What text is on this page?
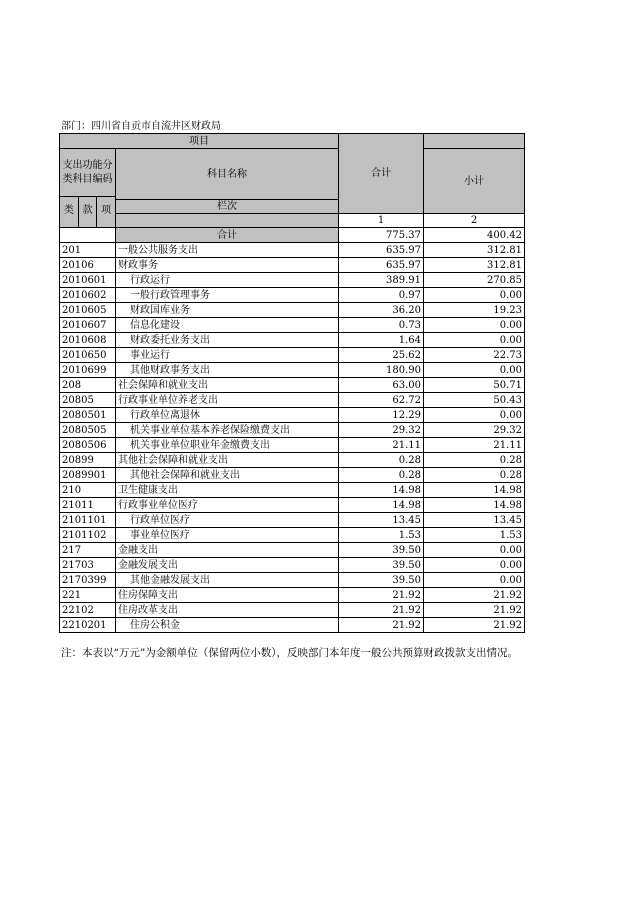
部门：四川省自贡市自流井区财政局
项目		合计	
支出功能分类科目编码	科目名称		小计

类 款 项			

	栏次		
		1	2
	合计	775.37	400.42
201	一般公共服务支出	635.97	312.81
20106	财政事务	635.97	312.81
2010601	行政运行	389.91	270.85
2010602	一般行政管理事务	0.97	0.00
2010605	财政国库业务	36.20	19.23
2010607	信息化建设	0.73	0.00
2010608	财政委托业务支出	1.64	0.00
2010650	事业运行	25.62	22.73
2010699	其他财政事务支出	180.90	0.00
208	社会保障和就业支出	63.00	50.71
20805	行政事业单位养老支出	62.72	50.43
2080501	行政单位离退休	12.29	0.00
2080505	机关事业单位基本养老保险缴费支出	29.32	29.32
2080506	机关事业单位职业年金缴费支出	21.11	21.11
20899	其他社会保障和就业支出	0.28	0.28
2089901	其他社会保障和就业支出	0.28	0.28
210	卫生健康支出	14.98	14.98
21011	行政事业单位医疗	14.98	14.98
2101101	行政单位医疗	13.45	13.45
2101102	事业单位医疗	1.53	1.53
217	金融支出	39.50	0.00
21703	金融发展支出	39.50	0.00
2170399	其他金融发展支出	39.50	0.00
221	住房保障支出	21.92	21.92
22102	住房改革支出	21.92	21.92
2210201	住房公积金	21.92	21.92
注：本表以“万元”为金额单位（保留两位小数），反映部门本年度一般公共预算财政拨款支出情况。
